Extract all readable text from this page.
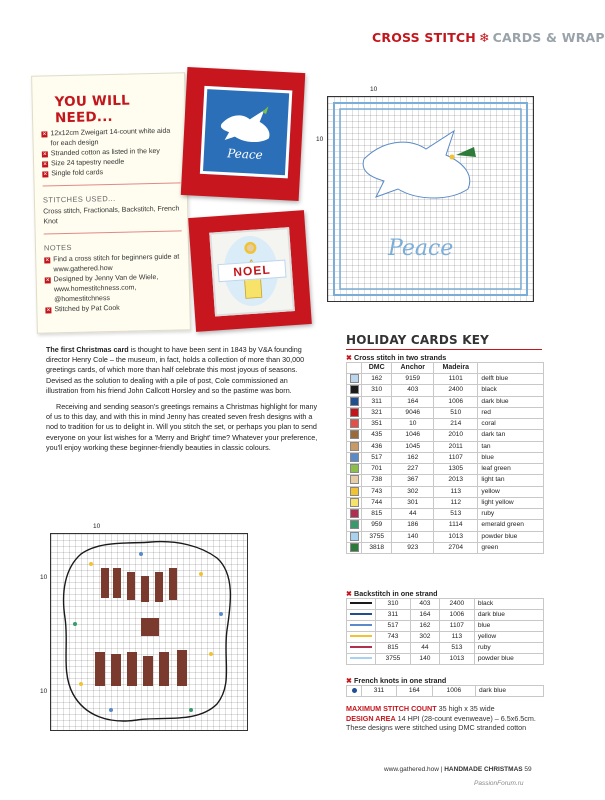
CROSS STITCH ❄ CARDS & WRAP
YOU WILL NEED...
✕ 12x12cm Zweigart 14-count white aida for each design
✕ Stranded cotton as listed in the key
✕ Size 24 tapestry needle
✕ Single fold cards
STITCHES USED...
Cross stitch, Fractionals, Backstitch, French Knot
NOTES
✕ Find a cross stitch for beginners guide at www.gathered.how
✕ Designed by Jenny Van de Wiele, www.homestitchness.com, @homestitchness
✕ Stitched by Pat Cook
Peace
NOEL
10
10
Peace

The first Christmas card is thought to have been sent in 1843 by V&A founding director Henry Cole – the museum, in fact, holds a collection of more than 30,000 greetings cards, of which more than half celebrate this most joyous of seasons. Devised as the solution to dealing with a pile of post, Cole commissioned an illustration from his friend John Callcott Horsley and so the pastime was born.

Receiving and sending season's greetings remains a Christmas highlight for many of us to this day, and with this in mind Jenny has created seven fresh designs with a nod to tradition for us to delight in. Will you stitch the set, or perhaps you plan to send everyone on your list wishes for a 'Merry and Bright' time? Whatever your preference, you'll enjoy working these beginner-friendly beauties in classic colours.

10
10
10
HOLIDAY CARDS KEY
✖ Cross stitch in two strands
	DMC	Anchor	Madeira	
	162	9159	1101	delft blue
	310	403	2400	black
	311	164	1006	dark blue
	321	9046	510	red
	351	10	214	coral
	435	1046	2010	dark tan
	436	1045	2011	tan
	517	162	1107	blue
	701	227	1305	leaf green
	738	367	2013	light tan
	743	302	113	yellow
	744	301	112	light yellow
	815	44	513	ruby
	959	186	1114	emerald green
	3755	140	1013	powder blue
	3818	923	2704	green
✖ Backstitch in one strand
	310	403	2400	black
	311	164	1006	dark blue
	517	162	1107	blue
	743	302	113	yellow
	815	44	513	ruby
	3755	140	1013	powder blue
✖ French knots in one strand
	311	164	1006	dark blue
MAXIMUM STITCH COUNT 35 high x 35 wide
DESIGN AREA 14 HPI (28-count evenweave) – 6.5x6.5cm. These designs were stitched using DMC stranded cotton
www.gathered.how | HANDMADE CHRISTMAS 59
PassionForum.ru
